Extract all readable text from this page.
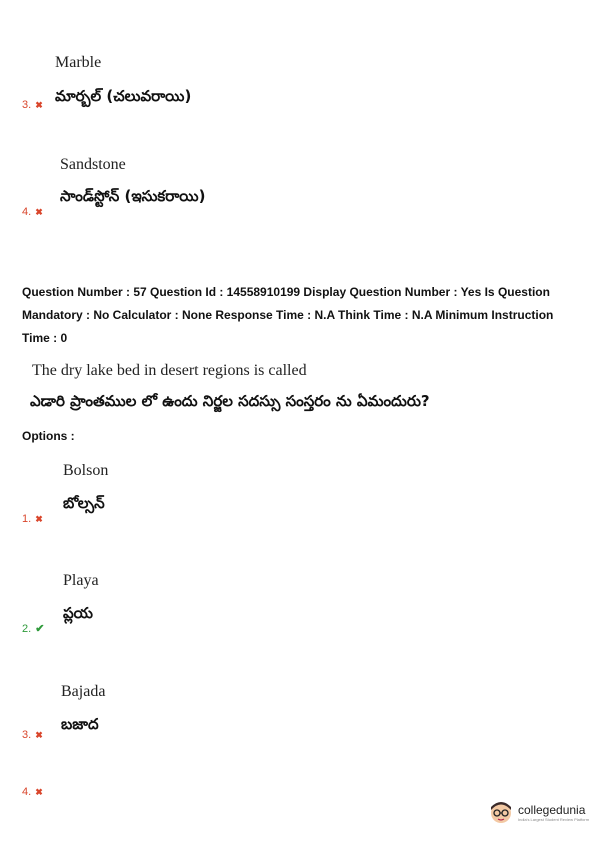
Marble
మార్బల్ (చలువరాయి)
3. ✖
Sandstone
సాండ్‌స్టోన్ (ఇసుకరాయి)
4. ✖
Question Number : 57 Question Id : 14558910199 Display Question Number : Yes Is Question Mandatory : No Calculator : None Response Time : N.A Think Time : N.A Minimum Instruction Time : 0
The dry lake bed in desert regions is called
ఎడారి ప్రాంతముల లో ఉందు నిర్జల సదస్సు సంస్తరం ను ఏమందురు?
Options :
Bolson
బోల్సన్
1. ✖
Playa
ప్లయ
2. ✔
Bajada
బజాద
3. ✖
4. ✖
collegedunia
India's Largest Student Review Platform
